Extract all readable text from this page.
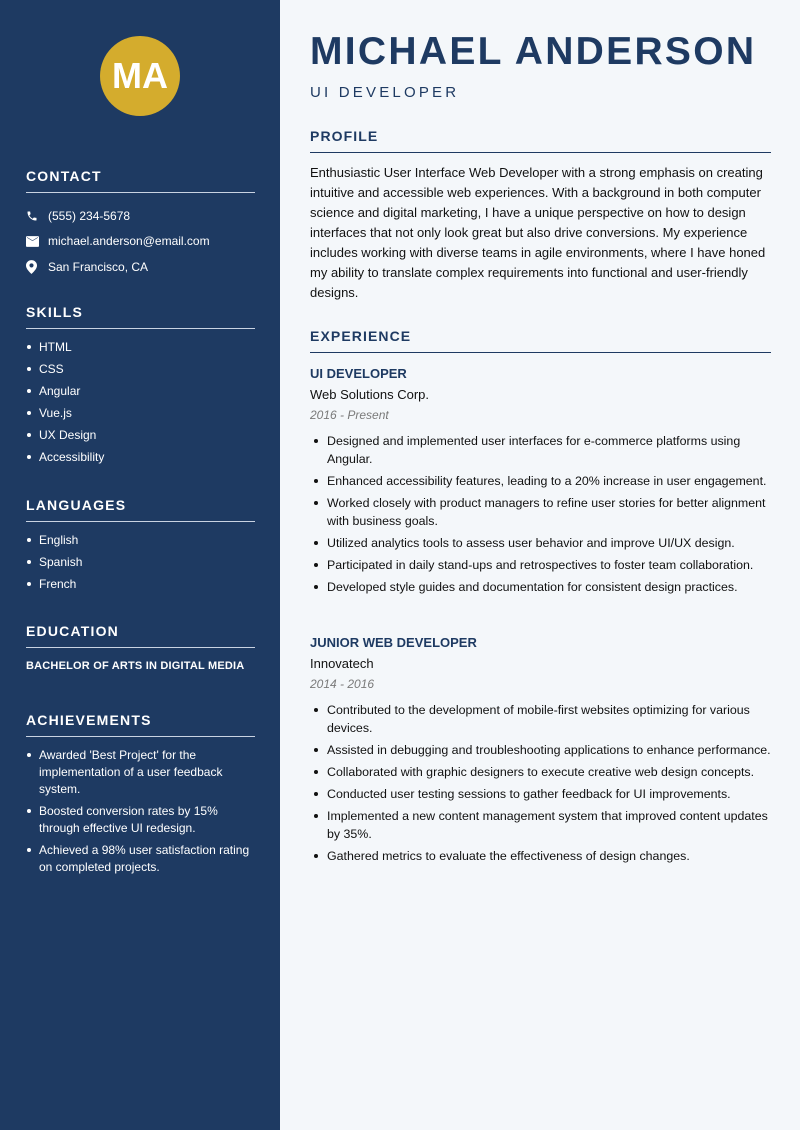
MA
CONTACT
(555) 234-5678
michael.anderson@email.com
San Francisco, CA
SKILLS
HTML
CSS
Angular
Vue.js
UX Design
Accessibility
LANGUAGES
English
Spanish
French
EDUCATION
BACHELOR OF ARTS IN DIGITAL MEDIA
ACHIEVEMENTS
Awarded 'Best Project' for the implementation of a user feedback system.
Boosted conversion rates by 15% through effective UI redesign.
Achieved a 98% user satisfaction rating on completed projects.
MICHAEL ANDERSON
UI DEVELOPER
PROFILE
Enthusiastic User Interface Web Developer with a strong emphasis on creating intuitive and accessible web experiences. With a background in both computer science and digital marketing, I have a unique perspective on how to design interfaces that not only look great but also drive conversions. My experience includes working with diverse teams in agile environments, where I have honed my ability to translate complex requirements into functional and user-friendly designs.
EXPERIENCE
UI DEVELOPER
Web Solutions Corp.
2016 - Present
Designed and implemented user interfaces for e-commerce platforms using Angular.
Enhanced accessibility features, leading to a 20% increase in user engagement.
Worked closely with product managers to refine user stories for better alignment with business goals.
Utilized analytics tools to assess user behavior and improve UI/UX design.
Participated in daily stand-ups and retrospectives to foster team collaboration.
Developed style guides and documentation for consistent design practices.
JUNIOR WEB DEVELOPER
Innovatech
2014 - 2016
Contributed to the development of mobile-first websites optimizing for various devices.
Assisted in debugging and troubleshooting applications to enhance performance.
Collaborated with graphic designers to execute creative web design concepts.
Conducted user testing sessions to gather feedback for UI improvements.
Implemented a new content management system that improved content updates by 35%.
Gathered metrics to evaluate the effectiveness of design changes.
